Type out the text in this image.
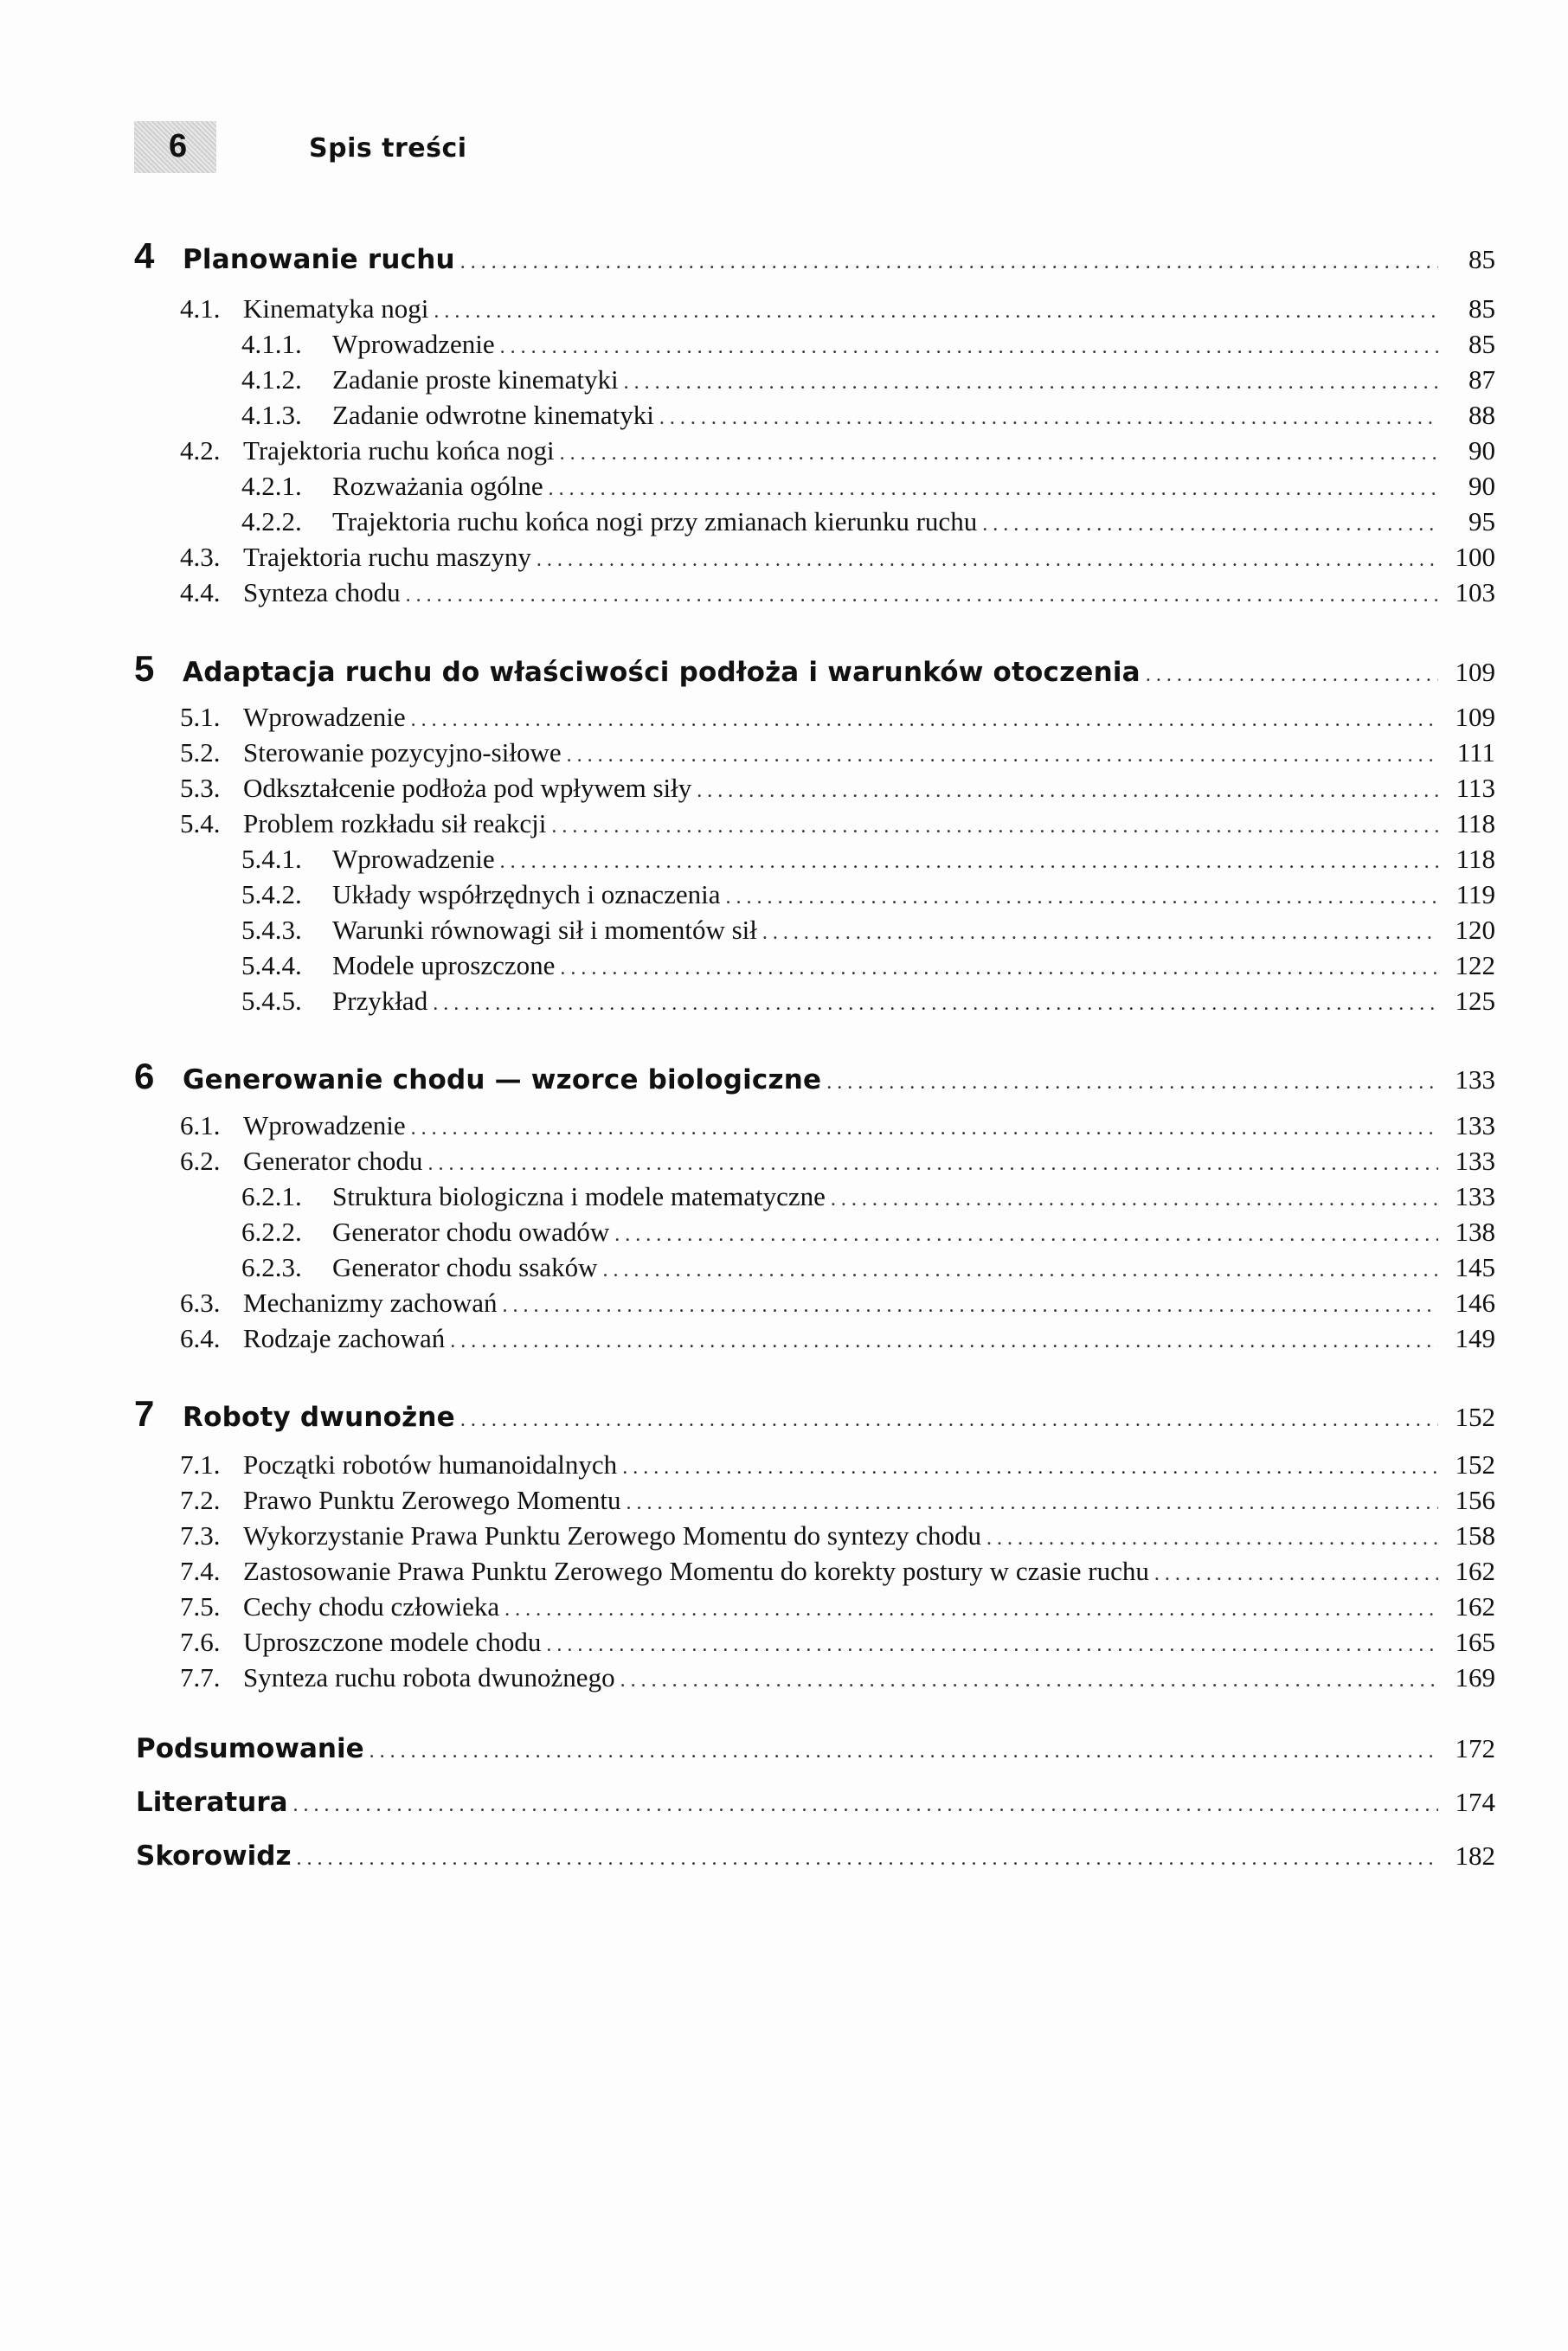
6	Spis treści
4	Planowanie ruchu . . .	85
4.1. Kinematyka nogi . . .	85
4.1.1.	Wprowadzenie . . .	85
4.1.2.	Zadanie proste kinematyki . . .	87
4.1.3.	Zadanie odwrotne kinematyki . . .	88
4.2. Trajektoria ruchu końca nogi . . .	90
4.2.1.	Rozważania ogólne . . .	90
4.2.2.	Trajektoria ruchu końca nogi przy zmianach kierunku ruchu . . .	95
4.3. Trajektoria ruchu maszyny . . .	100
4.4. Synteza chodu . . .	103
5	Adaptacja ruchu do właściwości podłoża i warunków otoczenia . . .	109
5.1. Wprowadzenie . . .	109
5.2. Sterowanie pozycyjno-siłowe . . .	111
5.3. Odkształcenie podłoża pod wpływem siły . . .	113
5.4. Problem rozkładu sił reakcji . . .	118
5.4.1.	Wprowadzenie . . .	118
5.4.2.	Układy współrzędnych i oznaczenia . . .	119
5.4.3.	Warunki równowagi sił i momentów sił . . .	120
5.4.4.	Modele uproszczone . . .	122
5.4.5.	Przykład . . .	125
6	Generowanie chodu — wzorce biologiczne . . .	133
6.1. Wprowadzenie . . .	133
6.2. Generator chodu . . .	133
6.2.1.	Struktura biologiczna i modele matematyczne . . .	133
6.2.2.	Generator chodu owadów . . .	138
6.2.3.	Generator chodu ssaków . . .	145
6.3. Mechanizmy zachowań . . .	146
6.4. Rodzaje zachowań . . .	149
7	Roboty dwunożne . . .	152
7.1. Początki robotów humanoidalnych . . .	152
7.2. Prawo Punktu Zerowego Momentu . . .	156
7.3. Wykorzystanie Prawa Punktu Zerowego Momentu do syntezy chodu . . .	158
7.4. Zastosowanie Prawa Punktu Zerowego Momentu do korekty postury w czasie ruchu . . .	162
7.5. Cechy chodu człowieka . . .	162
7.6. Uproszczone modele chodu . . .	165
7.7. Synteza ruchu robota dwunożnego . . .	169
Podsumowanie . . .	172
Literatura . . .	174
Skorowidz . . .	182
